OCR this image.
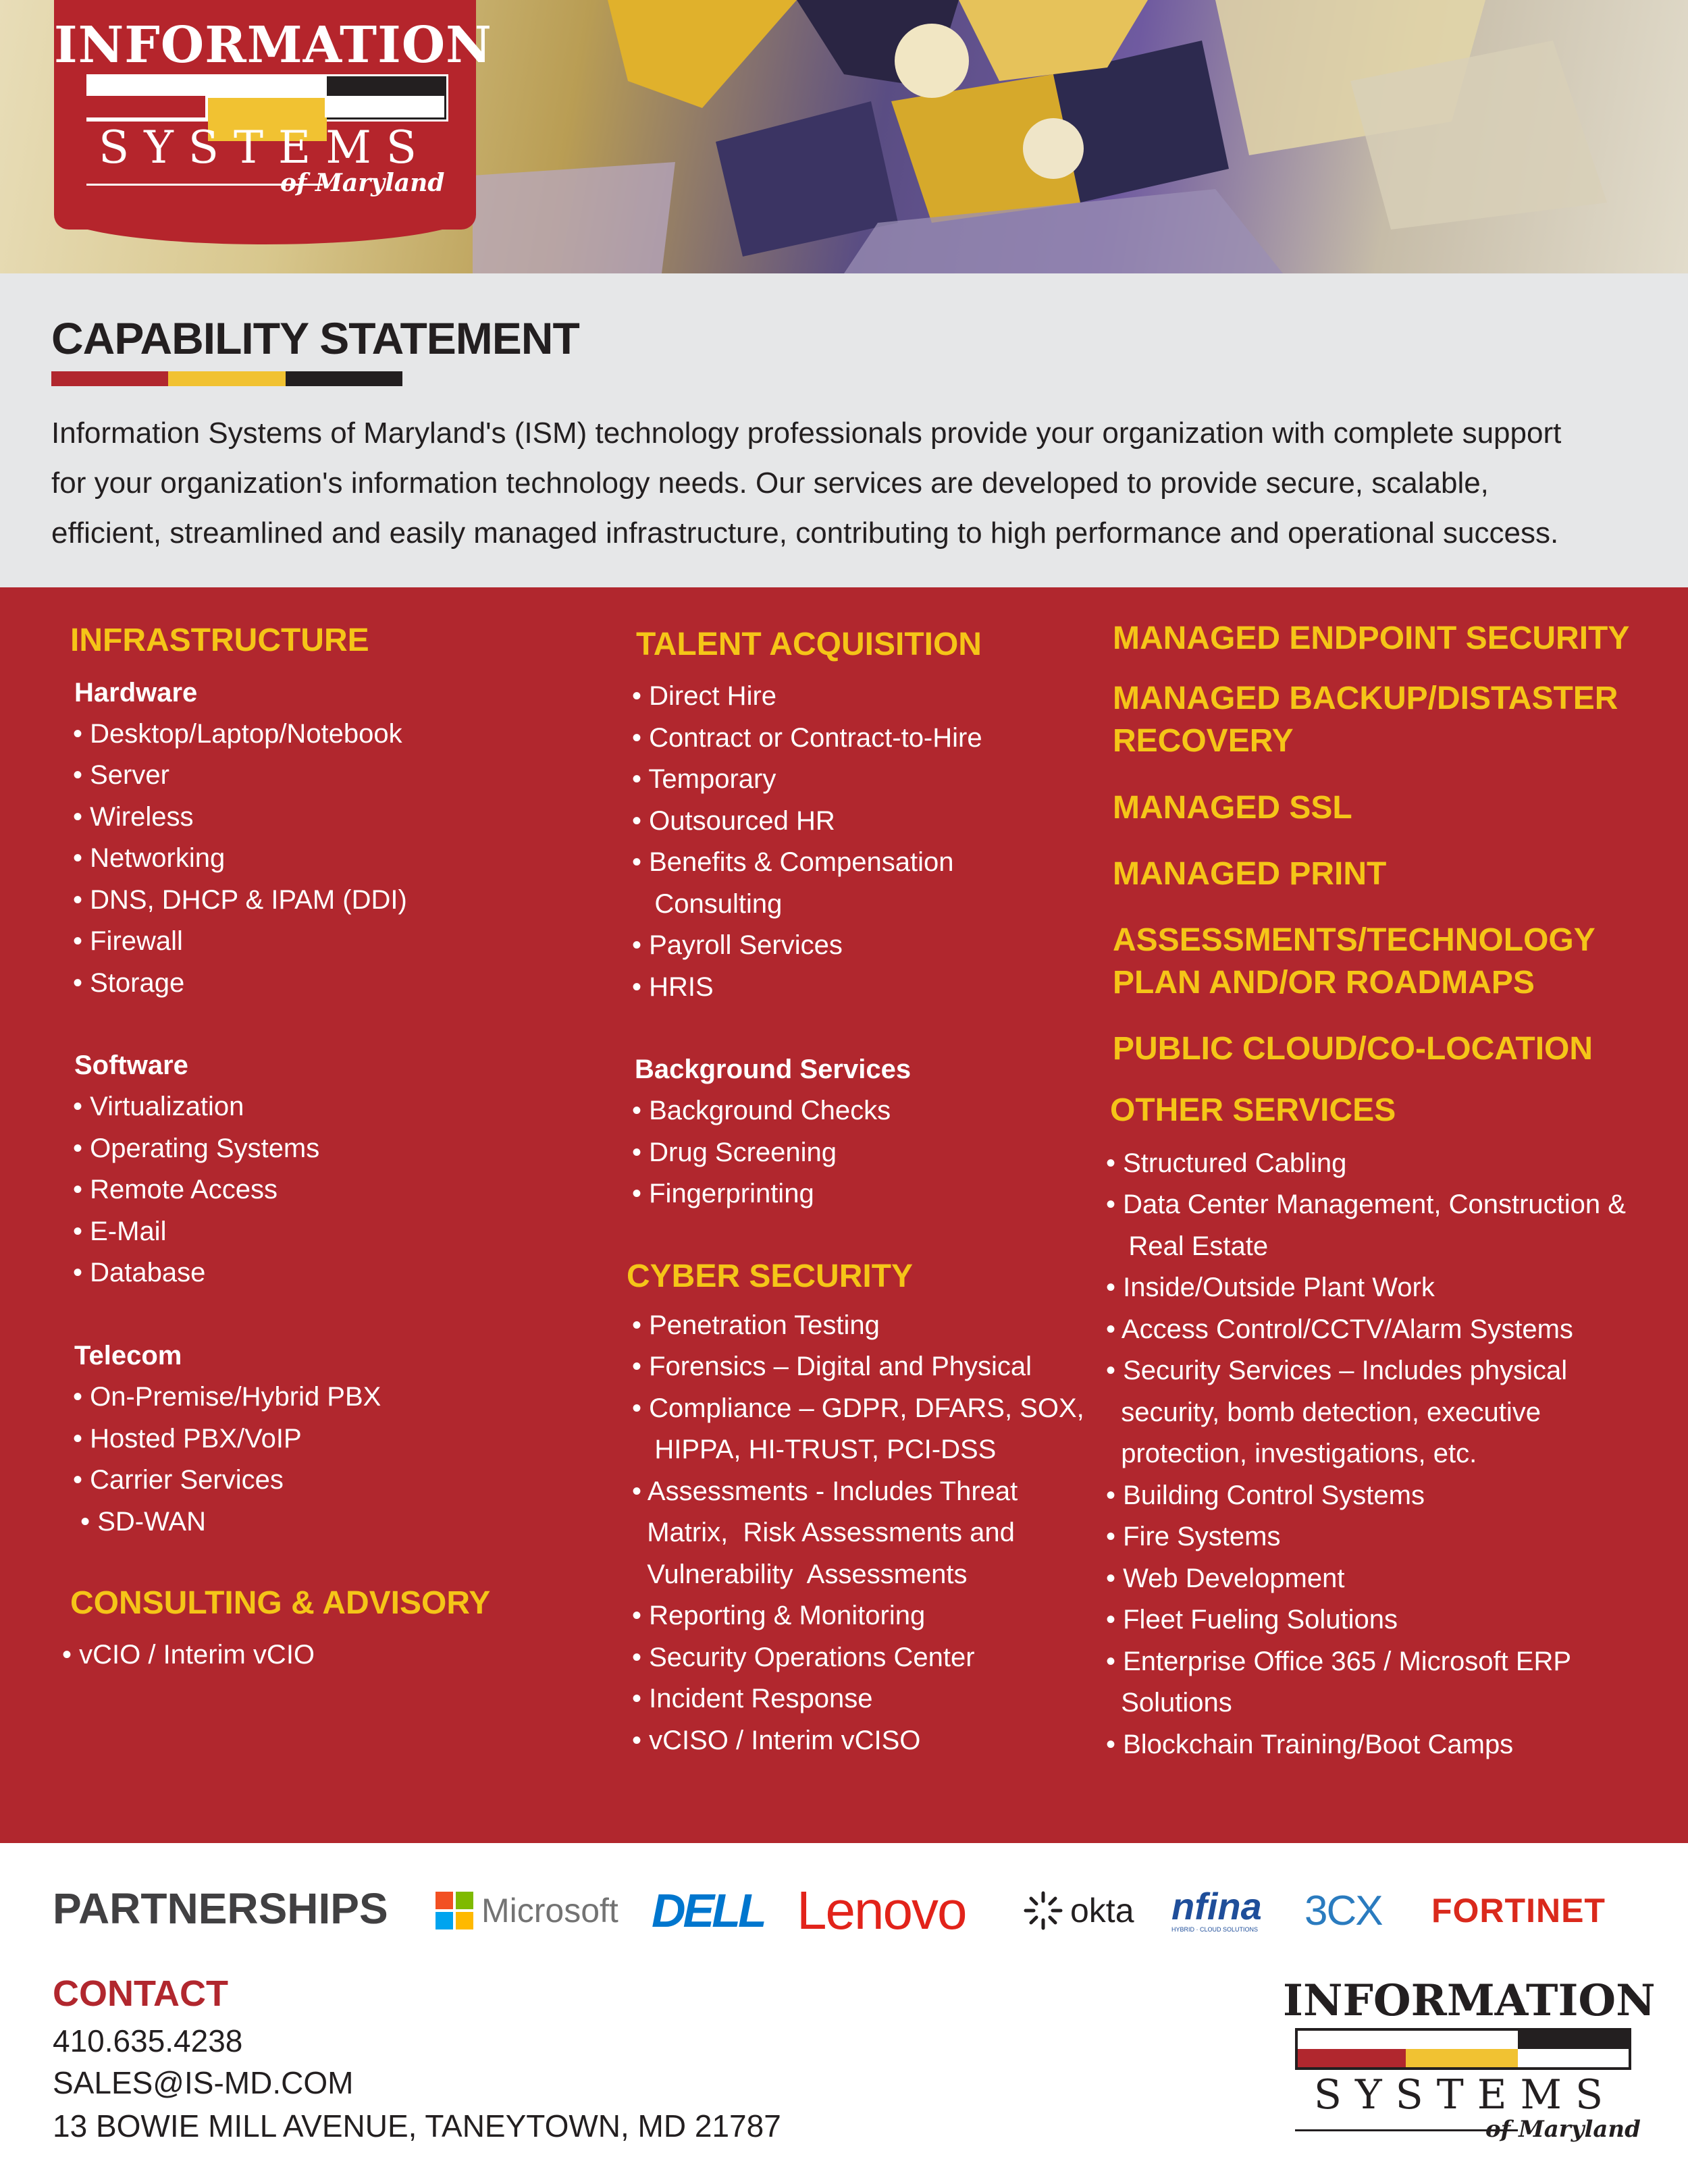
INFORMATION
SYSTEMS
of Maryland
CAPABILITY STATEMENT

Information Systems of Maryland's (ISM) technology professionals provide your organization with complete support
for your organization's information technology needs. Our services are developed to provide secure, scalable,
efficient, streamlined and easily managed infrastructure, contributing to high performance and operational success.

INFRASTRUCTURE
Hardware
• Desktop/Laptop/Notebook
• Server
• Wireless
• Networking
• DNS, DHCP & IPAM (DDI)
• Firewall
• Storage
Software
• Virtualization
• Operating Systems
• Remote Access
• E-Mail
• Database
Telecom
• On-Premise/Hybrid PBX
• Hosted PBX/VoIP
• Carrier Services
• SD-WAN
CONSULTING & ADVISORY
• vCIO / Interim vCIO
TALENT ACQUISITION
• Direct Hire
• Contract or Contract-to-Hire
• Temporary
• Outsourced HR
• Benefits & Compensation
Consulting
• Payroll Services
• HRIS
Background Services
• Background Checks
• Drug Screening
• Fingerprinting
CYBER SECURITY
• Penetration Testing
• Forensics – Digital and Physical
• Compliance – GDPR, DFARS, SOX,
HIPPA, HI-TRUST, PCI-DSS
• Assessments - Includes Threat
Matrix,  Risk Assessments and
Vulnerability  Assessments
• Reporting & Monitoring
• Security Operations Center
• Incident Response
• vCISO / Interim vCISO
MANAGED ENDPOINT SECURITY
MANAGED BACKUP/DISTASTER
RECOVERY
MANAGED SSL
MANAGED PRINT
ASSESSMENTS/TECHNOLOGY
PLAN AND/OR ROADMAPS
PUBLIC CLOUD/CO-LOCATION
OTHER SERVICES
• Structured Cabling
• Data Center Management, Construction &
Real Estate
• Inside/Outside Plant Work
• Access Control/CCTV/Alarm Systems
• Security Services – Includes physical
security, bomb detection, executive
protection, investigations, etc.
• Building Control Systems
• Fire Systems
• Web Development
• Fleet Fueling Solutions
• Enterprise Office 365 / Microsoft ERP
Solutions
• Blockchain Training/Boot Camps
PARTNERSHIPS	Microsoft DELL Lenovo	okta nfina
HYBRID · CLOUD SOLUTIONS 3CX FORTINET
CONTACT
410.635.4238
SALES@IS-MD.COM
13 BOWIE MILL AVENUE, TANEYTOWN, MD 21787
INFORMATION
SYSTEMS
of Maryland
